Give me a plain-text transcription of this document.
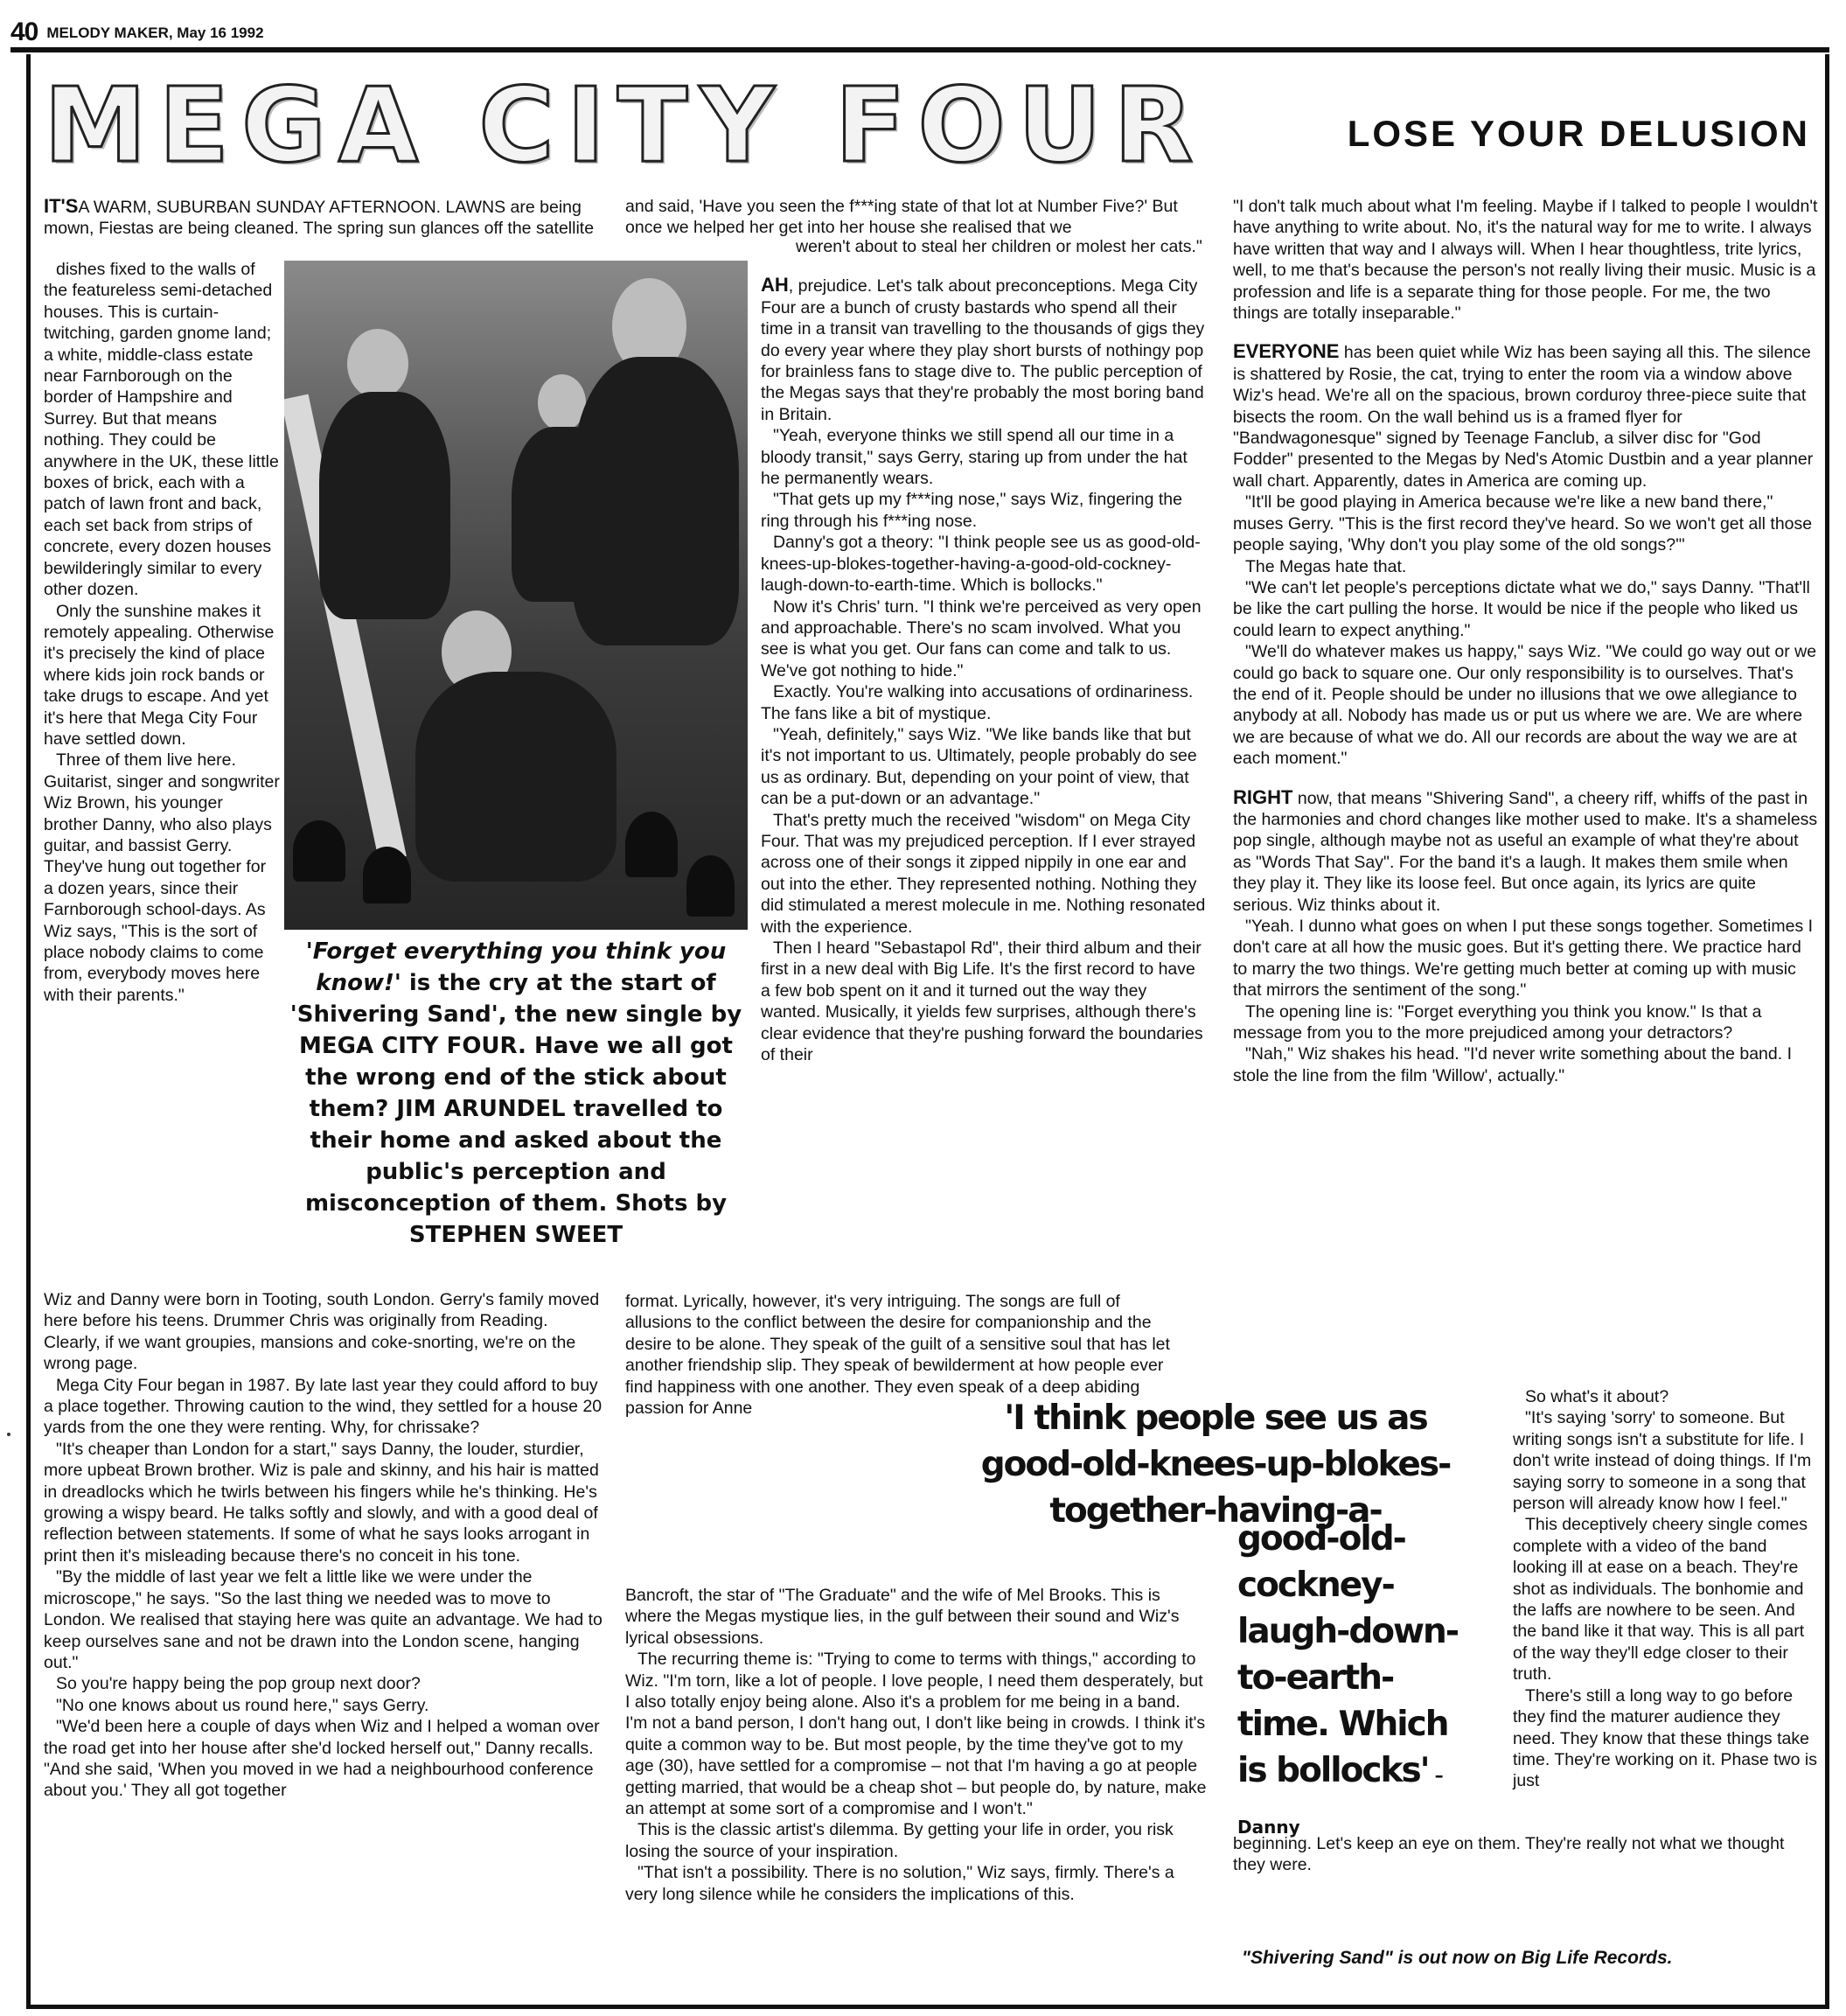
40 MELODY MAKER, May 16 1992
MEGA CITY FOUR	LOSE YOUR DELUSION

IT'SA WARM, SUBURBAN SUNDAY AFTERNOON. LAWNS are being mown, Fiestas are being cleaned. The spring sun glances off the satellite

dishes fixed to the walls of the featureless semi-detached houses. This is curtain-twitching, garden gnome land; a white, middle-class estate near Farnborough on the border of Hampshire and Surrey. But that means nothing. They could be anywhere in the UK, these little boxes of brick, each with a patch of lawn front and back, each set back from strips of concrete, every dozen houses bewilderingly similar to every other dozen.

Only the sunshine makes it remotely appealing. Otherwise it's precisely the kind of place where kids join rock bands or take drugs to escape. And yet it's here that Mega City Four have settled down.

Three of them live here. Guitarist, singer and songwriter Wiz Brown, his younger brother Danny, who also plays guitar, and bassist Gerry. They've hung out together for a dozen years, since their Farnborough school-days. As Wiz says, "This is the sort of place nobody claims to come from, everybody moves here with their parents."

'Forget everything you think you know!' is the cry at the start of 'Shivering Sand', the new single by MEGA CITY FOUR. Have we all got the wrong end of the stick about them? JIM ARUNDEL travelled to their home and asked about the public's perception and misconception of them. Shots by STEPHEN SWEET

Wiz and Danny were born in Tooting, south London. Gerry's family moved here before his teens. Drummer Chris was originally from Reading. Clearly, if we want groupies, mansions and coke-snorting, we're on the wrong page.

Mega City Four began in 1987. By late last year they could afford to buy a place together. Throwing caution to the wind, they settled for a house 20 yards from the one they were renting. Why, for chrissake?

"It's cheaper than London for a start," says Danny, the louder, sturdier, more upbeat Brown brother. Wiz is pale and skinny, and his hair is matted in dreadlocks which he twirls between his fingers while he's thinking. He's growing a wispy beard. He talks softly and slowly, and with a good deal of reflection between statements. If some of what he says looks arrogant in print then it's misleading because there's no conceit in his tone.

"By the middle of last year we felt a little like we were under the microscope," he says. "So the last thing we needed was to move to London. We realised that staying here was quite an advantage. We had to keep ourselves sane and not be drawn into the London scene, hanging out."

So you're happy being the pop group next door?

"No one knows about us round here," says Gerry.

"We'd been here a couple of days when Wiz and I helped a woman over the road get into her house after she'd locked herself out," Danny recalls. "And she said, 'When you moved in we had a neighbourhood conference about you.' They all got together

and said, 'Have you seen the f***ing state of that lot at Number Five?' But once we helped her get into her house she realised that we

weren't about to steal her children or molest her cats."

AH, prejudice. Let's talk about preconceptions. Mega City Four are a bunch of crusty bastards who spend all their time in a transit van travelling to the thousands of gigs they do every year where they play short bursts of nothingy pop for brainless fans to stage dive to. The public perception of the Megas says that they're probably the most boring band in Britain.

"Yeah, everyone thinks we still spend all our time in a bloody transit," says Gerry, staring up from under the hat he permanently wears.

"That gets up my f***ing nose," says Wiz, fingering the ring through his f***ing nose.

Danny's got a theory: "I think people see us as good-old-knees-up-blokes-together-having-a-good-old-cockney-laugh-down-to-earth-time. Which is bollocks."

Now it's Chris' turn. "I think we're perceived as very open and approachable. There's no scam involved. What you see is what you get. Our fans can come and talk to us. We've got nothing to hide."

Exactly. You're walking into accusations of ordinariness. The fans like a bit of mystique.

"Yeah, definitely," says Wiz. "We like bands like that but it's not important to us. Ultimately, people probably do see us as ordinary. But, depending on your point of view, that can be a put-down or an advantage."

That's pretty much the received "wisdom" on Mega City Four. That was my prejudiced perception. If I ever strayed across one of their songs it zipped nippily in one ear and out into the ether. They represented nothing. Nothing they did stimulated a merest molecule in me. Nothing resonated with the experience.

Then I heard "Sebastapol Rd", their third album and their first in a new deal with Big Life. It's the first record to have a few bob spent on it and it turned out the way they wanted. Musically, it yields few surprises, although there's clear evidence that they're pushing forward the boundaries of their

format. Lyrically, however, it's very intriguing. The songs are full of allusions to the conflict between the desire for companionship and the desire to be alone. They speak of the guilt of a sensitive soul that has let another friendship slip. They speak of bewilderment at how people ever find happiness with one another. They even speak of a deep abiding passion for Anne

Bancroft, the star of "The Graduate" and the wife of Mel Brooks. This is where the Megas mystique lies, in the gulf between their sound and Wiz's lyrical obsessions.

The recurring theme is: "Trying to come to terms with things," according to Wiz. "I'm torn, like a lot of people. I love people, I need them desperately, but I also totally enjoy being alone. Also it's a problem for me being in a band. I'm not a band person, I don't hang out, I don't like being in crowds. I think it's quite a common way to be. But most people, by the time they've got to my age (30), have settled for a compromise – not that I'm having a go at people getting married, that would be a cheap shot – but people do, by nature, make an attempt at some sort of a compromise and I won't."

This is the classic artist's dilemma. By getting your life in order, you risk losing the source of your inspiration.

"That isn't a possibility. There is no solution," Wiz says, firmly. There's a very long silence while he considers the implications of this.

'I think people see us as good-old-knees-up-blokes-together-having-a-
good-old-cockney-laugh-down-to-earth-time. Which is bollocks' – Danny

"I don't talk much about what I'm feeling. Maybe if I talked to people I wouldn't have anything to write about. No, it's the natural way for me to write. I always have written that way and I always will. When I hear thoughtless, trite lyrics, well, to me that's because the person's not really living their music. Music is a profession and life is a separate thing for those people. For me, the two things are totally inseparable."

EVERYONE has been quiet while Wiz has been saying all this. The silence is shattered by Rosie, the cat, trying to enter the room via a window above Wiz's head. We're all on the spacious, brown corduroy three-piece suite that bisects the room. On the wall behind us is a framed flyer for "Bandwagonesque" signed by Teenage Fanclub, a silver disc for "God Fodder" presented to the Megas by Ned's Atomic Dustbin and a year planner wall chart. Apparently, dates in America are coming up.

"It'll be good playing in America because we're like a new band there," muses Gerry. "This is the first record they've heard. So we won't get all those people saying, 'Why don't you play some of the old songs?'"

The Megas hate that.

"We can't let people's perceptions dictate what we do," says Danny. "That'll be like the cart pulling the horse. It would be nice if the people who liked us could learn to expect anything."

"We'll do whatever makes us happy," says Wiz. "We could go way out or we could go back to square one. Our only responsibility is to ourselves. That's the end of it. People should be under no illusions that we owe allegiance to anybody at all. Nobody has made us or put us where we are. We are where we are because of what we do. All our records are about the way we are at each moment."

RIGHT now, that means "Shivering Sand", a cheery riff, whiffs of the past in the harmonies and chord changes like mother used to make. It's a shameless pop single, although maybe not as useful an example of what they're about as "Words That Say". For the band it's a laugh. It makes them smile when they play it. They like its loose feel. But once again, its lyrics are quite serious. Wiz thinks about it.

"Yeah. I dunno what goes on when I put these songs together. Sometimes I don't care at all how the music goes. But it's getting there. We practice hard to marry the two things. We're getting much better at coming up with music that mirrors the sentiment of the song."

The opening line is: "Forget everything you think you know." Is that a message from you to the more prejudiced among your detractors?

"Nah," Wiz shakes his head. "I'd never write something about the band. I stole the line from the film 'Willow', actually."

So what's it about?

"It's saying 'sorry' to someone. But writing songs isn't a substitute for life. I don't write instead of doing things. If I'm saying sorry to someone in a song that person will already know how I feel."

This deceptively cheery single comes complete with a video of the band looking ill at ease on a beach. They're shot as individuals. The bonhomie and the laffs are nowhere to be seen. And the band like it that way. This is all part of the way they'll edge closer to their truth.

There's still a long way to go before they find the maturer audience they need. They know that these things take time. They're working on it. Phase two is just

beginning. Let's keep an eye on them. They're really not what we thought they were.

"Shivering Sand" is out now on Big Life Records.
